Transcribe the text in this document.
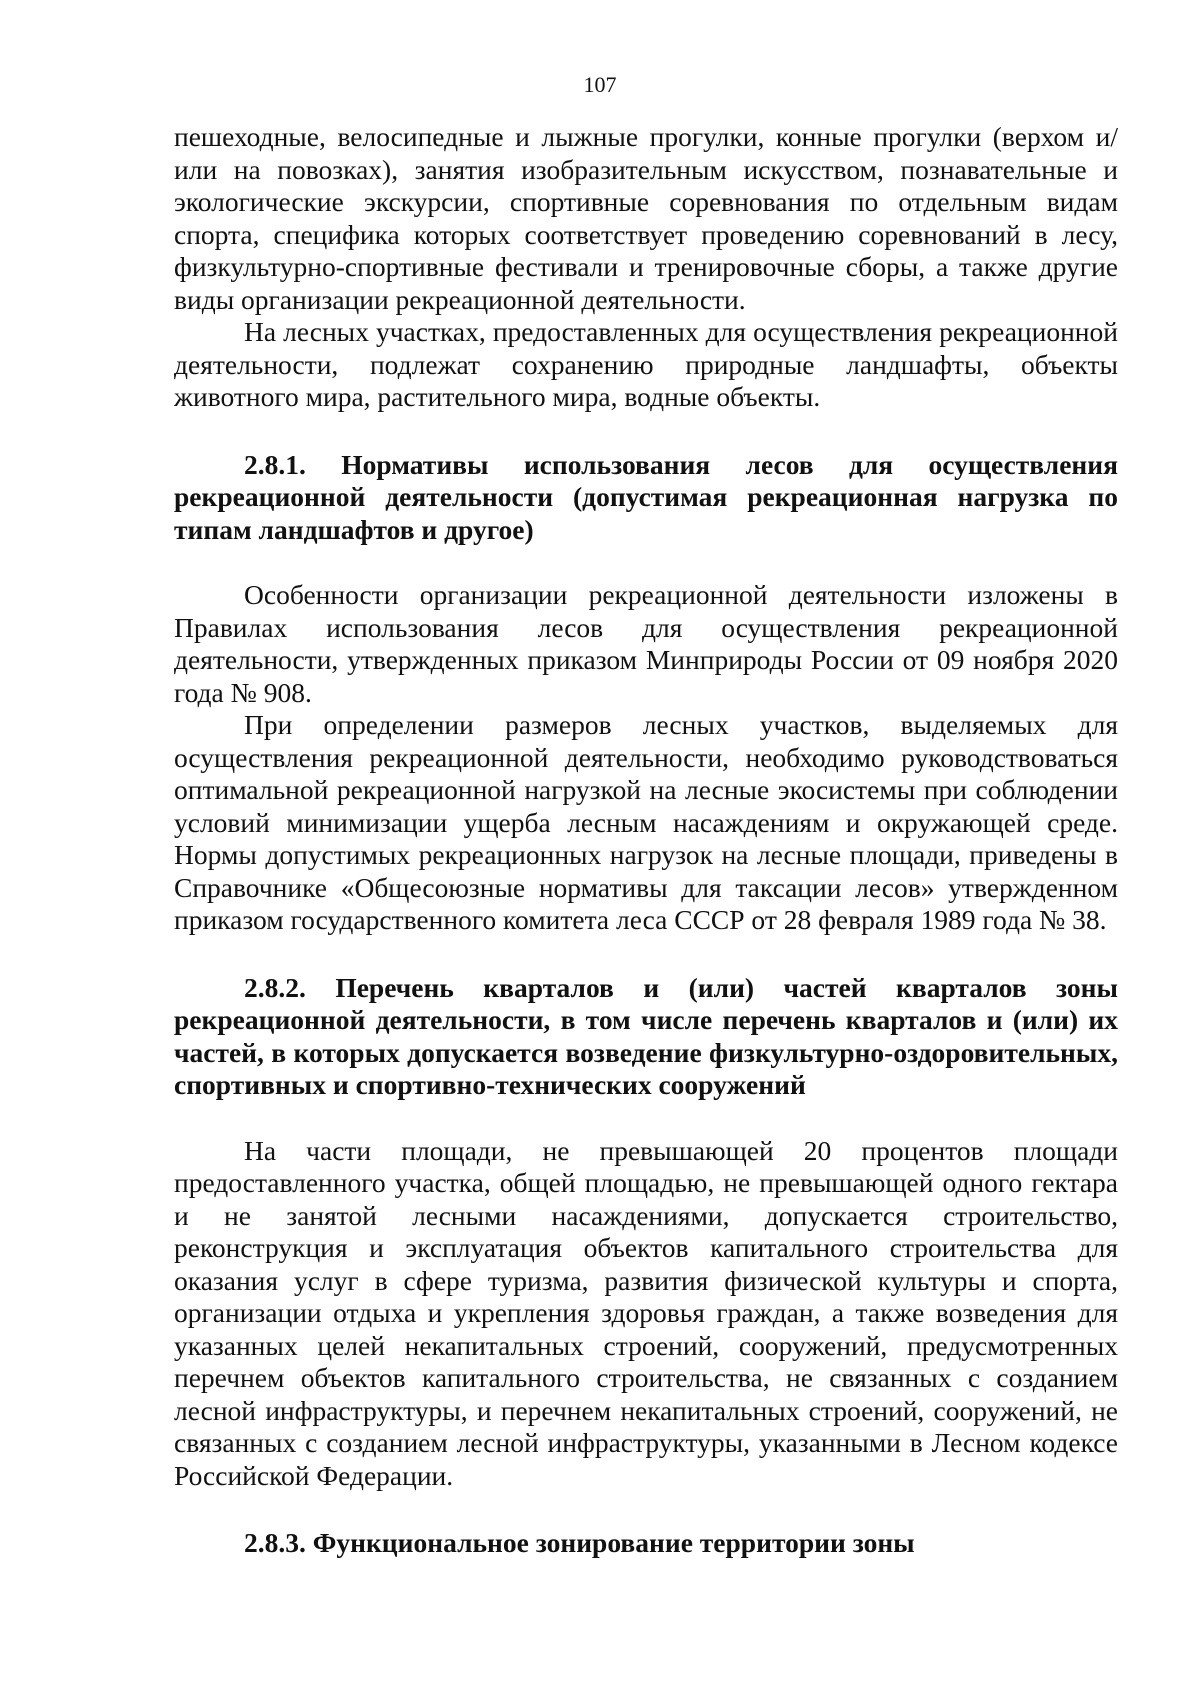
107

пешеходные, велосипедные и лыжные прогулки, конные прогулки (верхом и/или на повозках), занятия изобразительным искусством, познавательные и экологические экскурсии, спортивные соревнования по отдельным видам спорта, специфика которых соответствует проведению соревнований в лесу, физкультурно-спортивные фестивали и тренировочные сборы, а также другие виды организации рекреационной деятельности.

На лесных участках, предоставленных для осуществления рекреационной деятельности, подлежат сохранению природные ландшафты, объекты животного мира, растительного мира, водные объекты.

2.8.1. Нормативы использования лесов для осуществления рекреационной деятельности (допустимая рекреационная нагрузка по типам ландшафтов и другое)

Особенности организации рекреационной деятельности изложены в Правилах использования лесов для осуществления рекреационной деятельности, утвержденных приказом Минприроды России от 09 ноября 2020 года № 908.

При определении размеров лесных участков, выделяемых для осуществления рекреационной деятельности, необходимо руководствоваться оптимальной рекреационной нагрузкой на лесные экосистемы при соблюдении условий минимизации ущерба лесным насаждениям и окружающей среде. Нормы допустимых рекреационных нагрузок на лесные площади, приведены в Справочнике «Общесоюзные нормативы для таксации лесов» утвержденном приказом государственного комитета леса СССР от 28 февраля 1989 года № 38.

2.8.2. Перечень кварталов и (или) частей кварталов зоны рекреационной деятельности, в том числе перечень кварталов и (или) их частей, в которых допускается возведение физкультурно-оздоровительных, спортивных и спортивно-технических сооружений

На части площади, не превышающей 20 процентов площади предоставленного участка, общей площадью, не превышающей одного гектара и не занятой лесными насаждениями, допускается строительство, реконструкция и эксплуатация объектов капитального строительства для оказания услуг в сфере туризма, развития физической культуры и спорта, организации отдыха и укрепления здоровья граждан, а также возведения для указанных целей некапитальных строений, сооружений, предусмотренных перечнем объектов капитального строительства, не связанных с созданием лесной инфраструктуры, и перечнем некапитальных строений, сооружений, не связанных с созданием лесной инфраструктуры, указанными в Лесном кодексе Российской Федерации.

2.8.3. Функциональное зонирование территории зоны
